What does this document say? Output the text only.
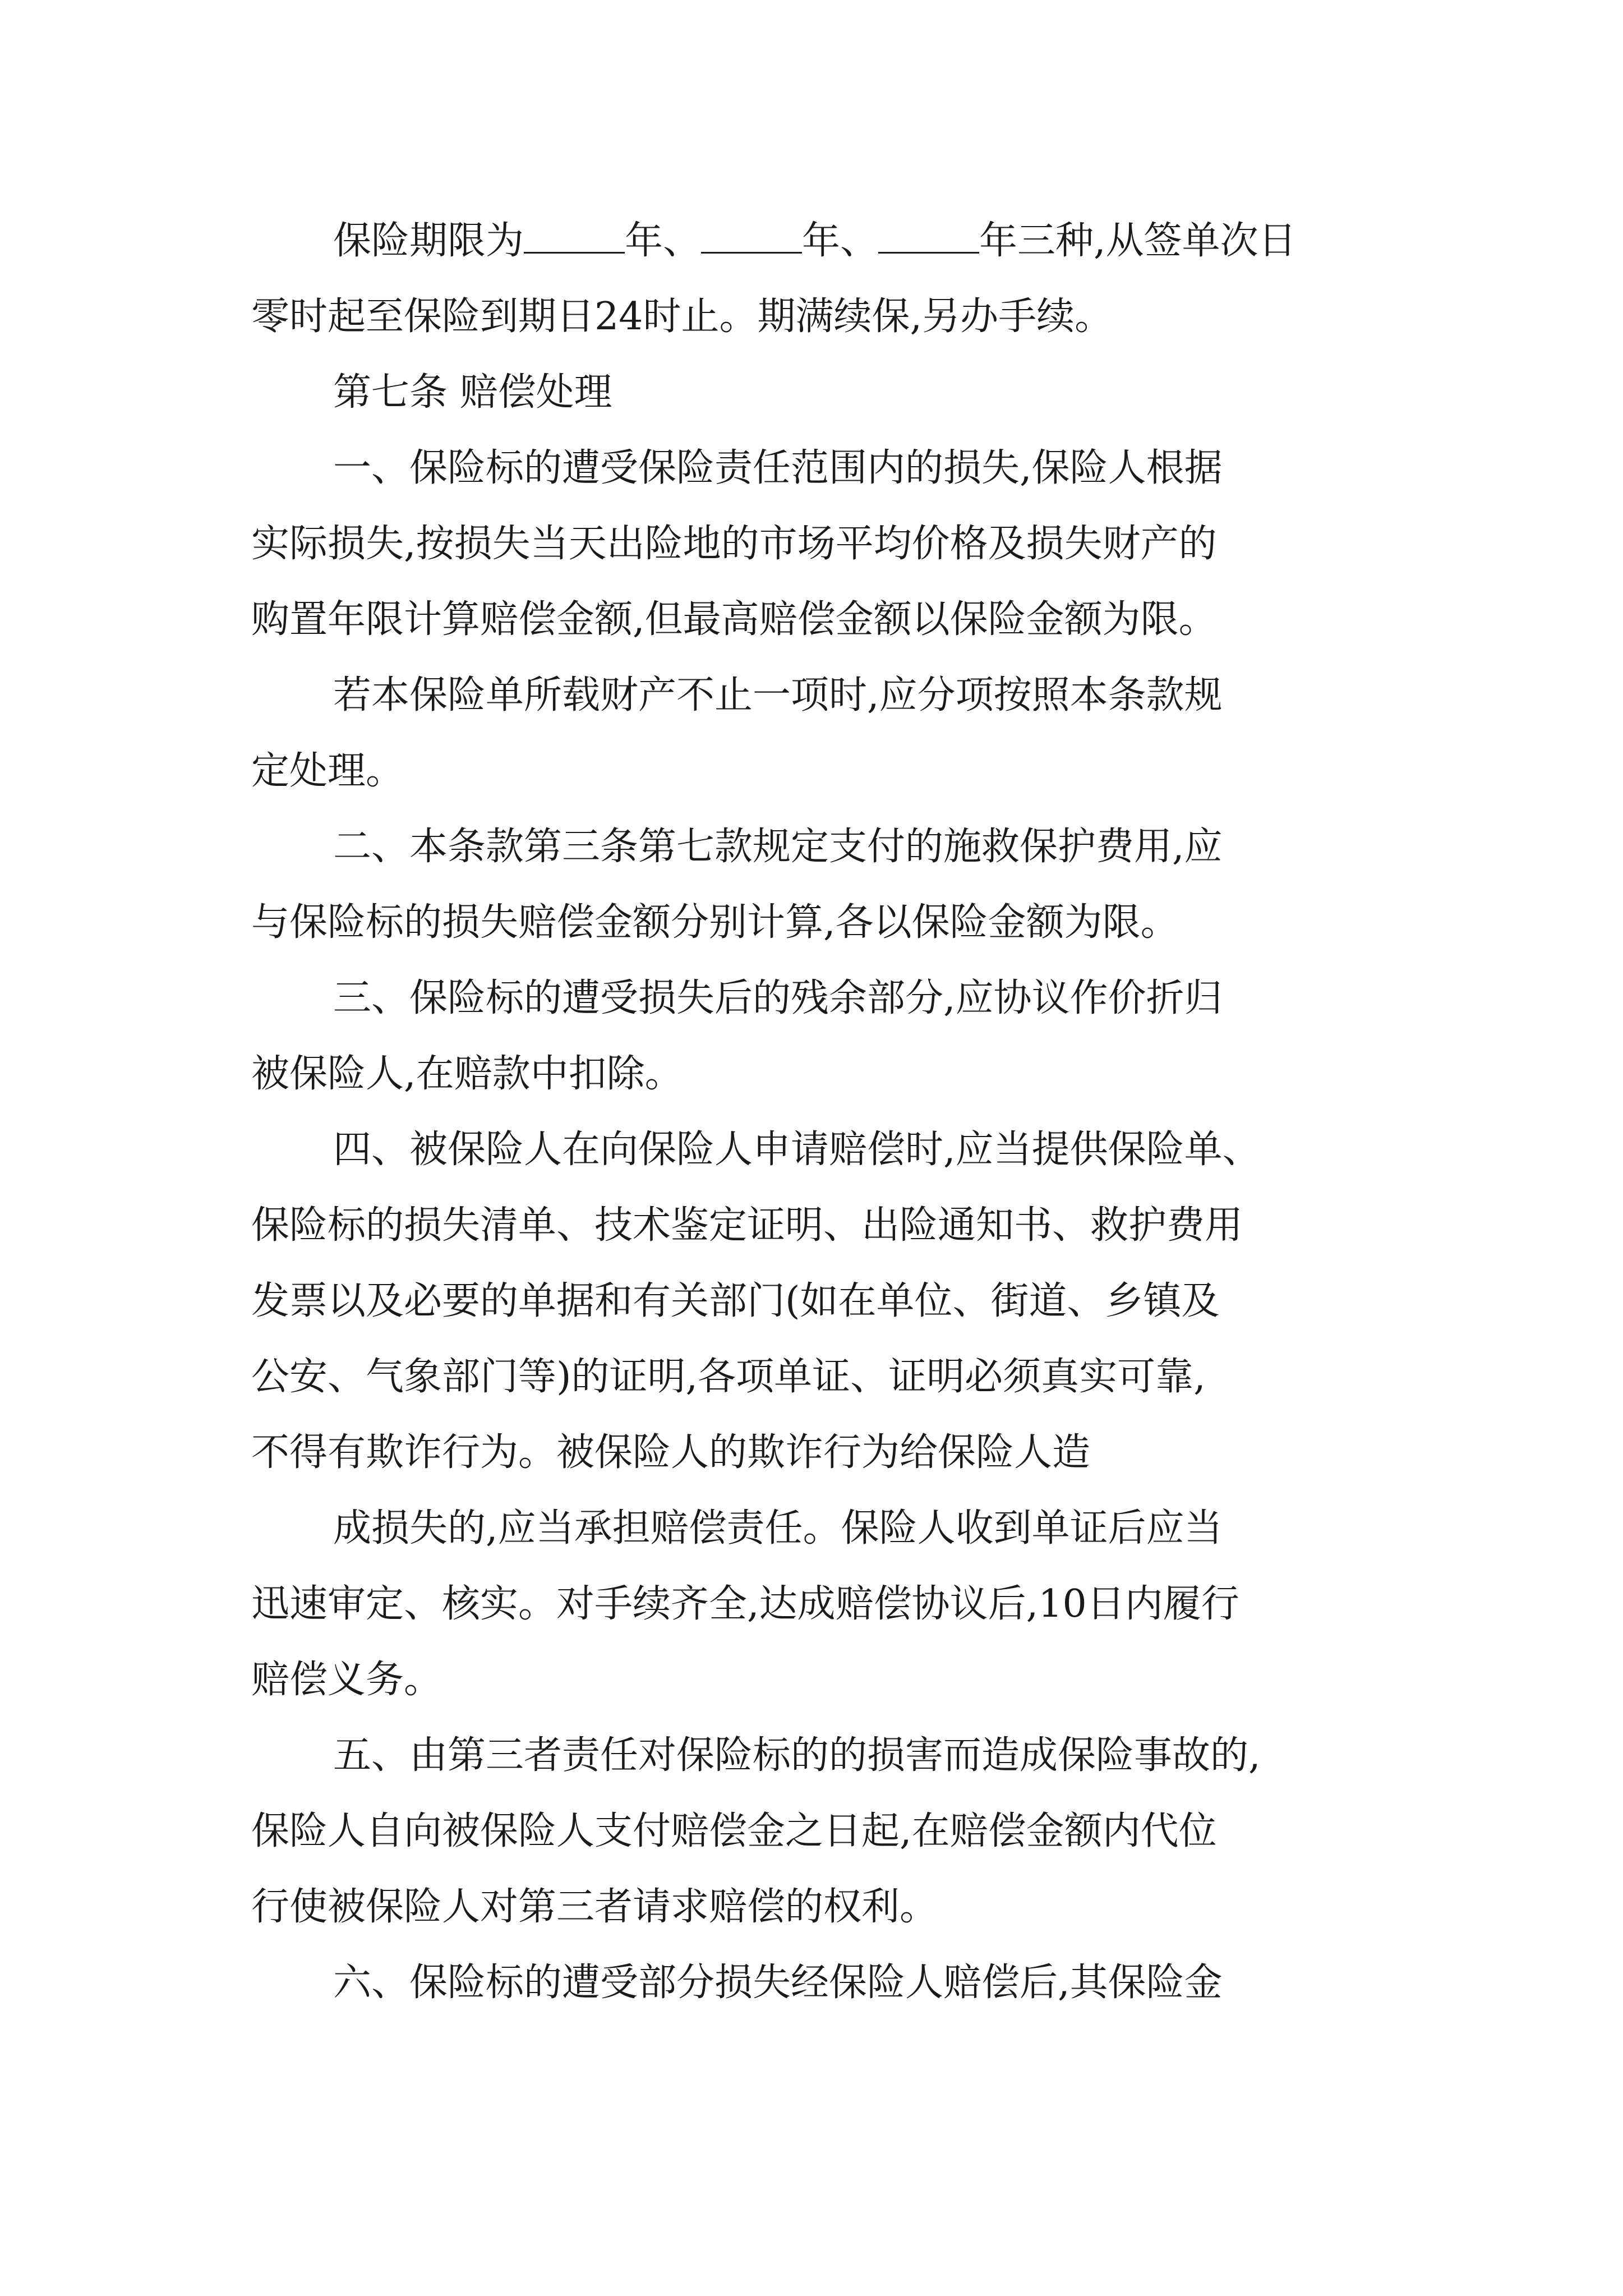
保险期限为	年、	年、	年三种,从签单次日
零时起至保险到期日24时止。期满续保,另办手续。
第七条 赔偿处理
一、保险标的遭受保险责任范围内的损失,保险人根据
实际损失,按损失当天出险地的市场平均价格及损失财产的
购置年限计算赔偿金额,但最高赔偿金额以保险金额为限。
若本保险单所载财产不止一项时,应分项按照本条款规
定处理。
二、本条款第三条第七款规定支付的施救保护费用,应
与保险标的损失赔偿金额分别计算,各以保险金额为限。
三、保险标的遭受损失后的残余部分,应协议作价折归
被保险人,在赔款中扣除。
四、被保险人在向保险人申请赔偿时,应当提供保险单、
保险标的损失清单、技术鉴定证明、出险通知书、救护费用
发票以及必要的单据和有关部门(如在单位、街道、乡镇及
公安、气象部门等)的证明,各项单证、证明必须真实可靠,
不得有欺诈行为。被保险人的欺诈行为给保险人造
成损失的,应当承担赔偿责任。保险人收到单证后应当
迅速审定、核实。对手续齐全,达成赔偿协议后,10日内履行
赔偿义务。
五、由第三者责任对保险标的的损害而造成保险事故的,
保险人自向被保险人支付赔偿金之日起,在赔偿金额内代位
行使被保险人对第三者请求赔偿的权利。
六、保险标的遭受部分损失经保险人赔偿后,其保险金
